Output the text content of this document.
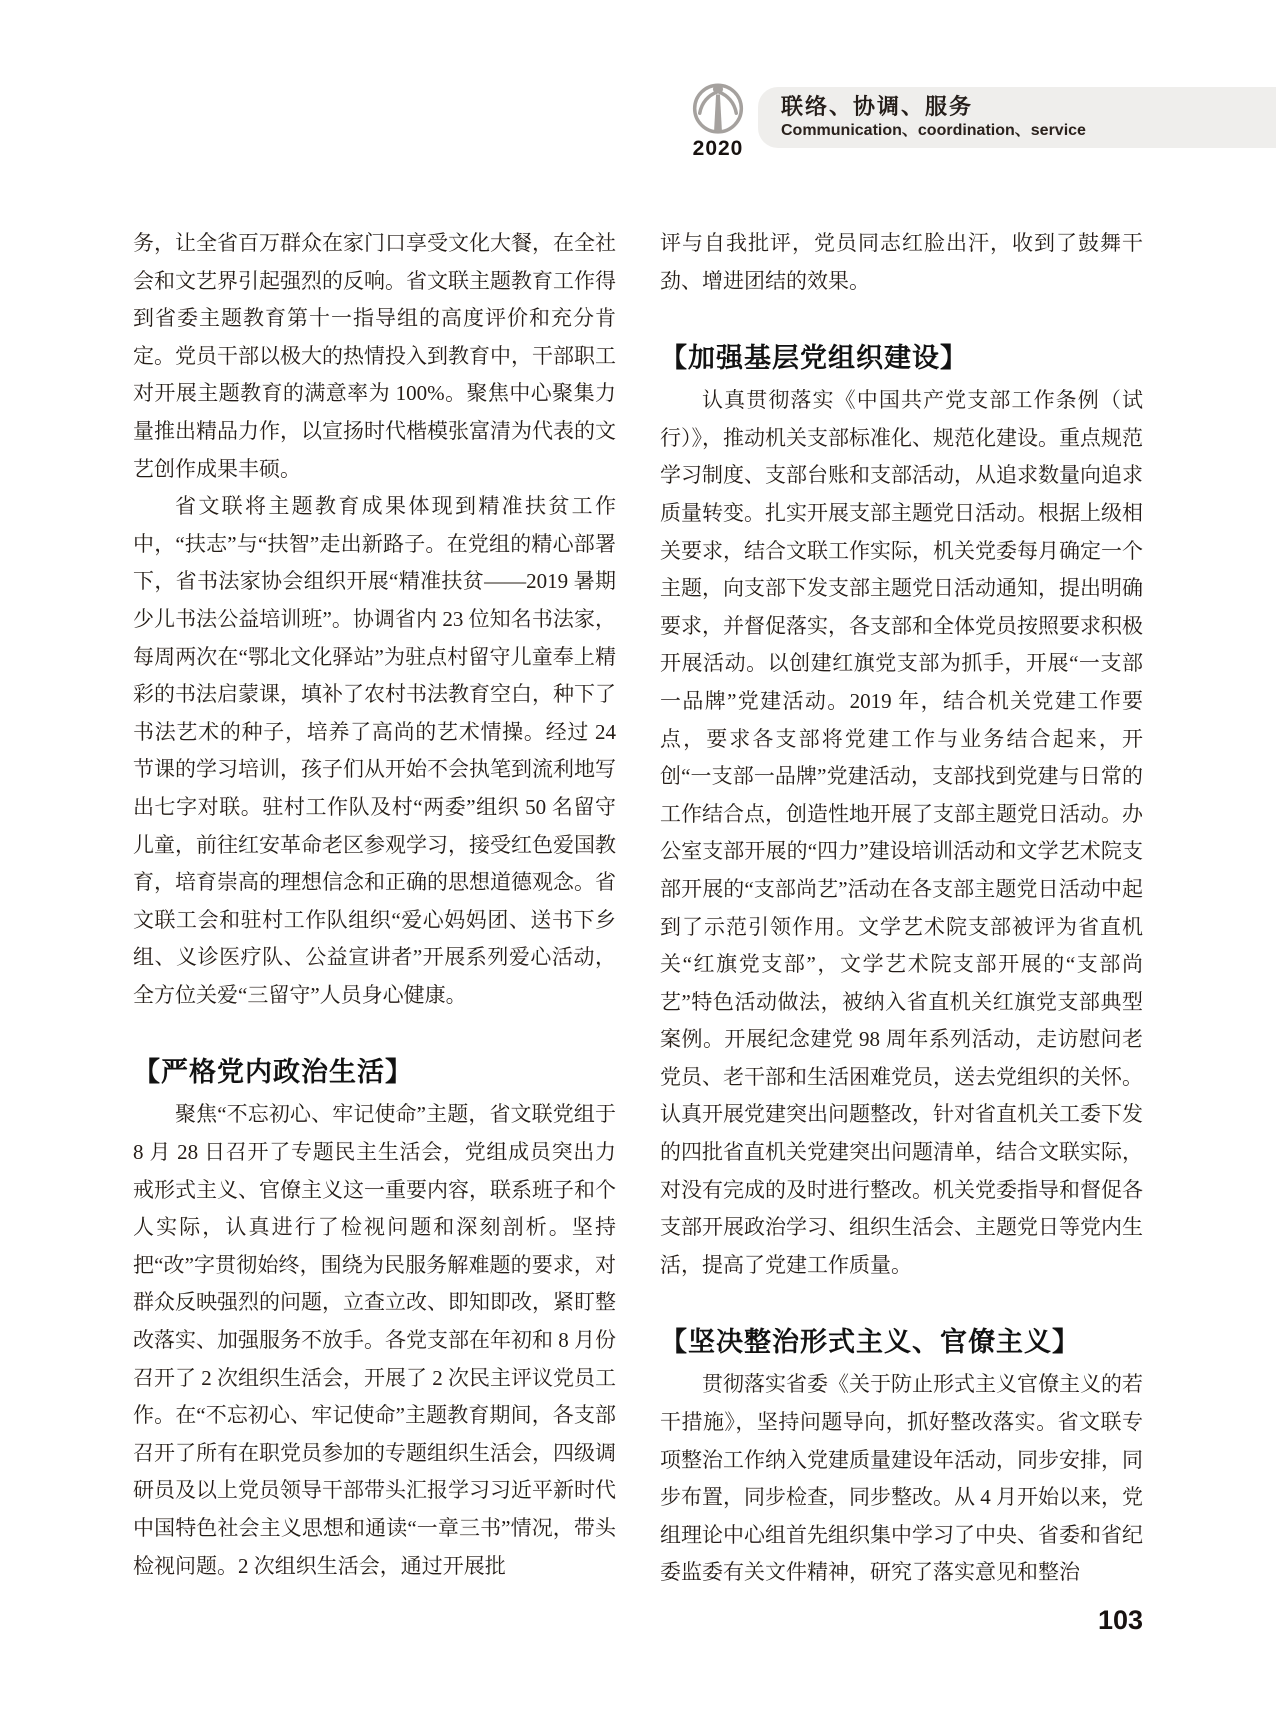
2020
联络、协调、服务
Communication、coordination、service

务，让全省百万群众在家门口享受文化大餐，在全社会和文艺界引起强烈的反响。省文联主题教育工作得到省委主题教育第十一指导组的高度评价和充分肯定。党员干部以极大的热情投入到教育中，干部职工对开展主题教育的满意率为 100%。聚焦中心聚集力量推出精品力作，以宣扬时代楷模张富清为代表的文艺创作成果丰硕。

省文联将主题教育成果体现到精准扶贫工作中，“扶志”与“扶智”走出新路子。在党组的精心部署下，省书法家协会组织开展“精准扶贫——2019 暑期少儿书法公益培训班”。协调省内 23 位知名书法家，每周两次在“鄂北文化驿站”为驻点村留守儿童奉上精彩的书法启蒙课，填补了农村书法教育空白，种下了书法艺术的种子，培养了高尚的艺术情操。经过 24 节课的学习培训，孩子们从开始不会执笔到流利地写出七字对联。驻村工作队及村“两委”组织 50 名留守儿童，前往红安革命老区参观学习，接受红色爱国教育，培育崇高的理想信念和正确的思想道德观念。省文联工会和驻村工作队组织“爱心妈妈团、送书下乡组、义诊医疗队、公益宣讲者”开展系列爱心活动，全方位关爱“三留守”人员身心健康。

【严格党内政治生活】

聚焦“不忘初心、牢记使命”主题，省文联党组于 8 月 28 日召开了专题民主生活会，党组成员突出力戒形式主义、官僚主义这一重要内容，联系班子和个人实际，认真进行了检视问题和深刻剖析。坚持把“改”字贯彻始终，围绕为民服务解难题的要求，对群众反映强烈的问题，立查立改、即知即改，紧盯整改落实、加强服务不放手。各党支部在年初和 8 月份召开了 2 次组织生活会，开展了 2 次民主评议党员工作。在“不忘初心、牢记使命”主题教育期间，各支部召开了所有在职党员参加的专题组织生活会，四级调研员及以上党员领导干部带头汇报学习习近平新时代中国特色社会主义思想和通读“一章三书”情况，带头检视问题。2 次组织生活会，通过开展批

评与自我批评，党员同志红脸出汗，收到了鼓舞干劲、增进团结的效果。

【加强基层党组织建设】

认真贯彻落实《中国共产党支部工作条例（试行）》，推动机关支部标准化、规范化建设。重点规范学习制度、支部台账和支部活动，从追求数量向追求质量转变。扎实开展支部主题党日活动。根据上级相关要求，结合文联工作实际，机关党委每月确定一个主题，向支部下发支部主题党日活动通知，提出明确要求，并督促落实，各支部和全体党员按照要求积极开展活动。以创建红旗党支部为抓手，开展“一支部一品牌”党建活动。2019 年，结合机关党建工作要点，要求各支部将党建工作与业务结合起来，开创“一支部一品牌”党建活动，支部找到党建与日常的工作结合点，创造性地开展了支部主题党日活动。办公室支部开展的“四力”建设培训活动和文学艺术院支部开展的“支部尚艺”活动在各支部主题党日活动中起到了示范引领作用。文学艺术院支部被评为省直机关“红旗党支部”，文学艺术院支部开展的“支部尚艺”特色活动做法，被纳入省直机关红旗党支部典型案例。开展纪念建党 98 周年系列活动，走访慰问老党员、老干部和生活困难党员，送去党组织的关怀。认真开展党建突出问题整改，针对省直机关工委下发的四批省直机关党建突出问题清单，结合文联实际，对没有完成的及时进行整改。机关党委指导和督促各支部开展政治学习、组织生活会、主题党日等党内生活，提高了党建工作质量。

【坚决整治形式主义、官僚主义】

贯彻落实省委《关于防止形式主义官僚主义的若干措施》，坚持问题导向，抓好整改落实。省文联专项整治工作纳入党建质量建设年活动，同步安排，同步布置，同步检查，同步整改。从 4 月开始以来，党组理论中心组首先组织集中学习了中央、省委和省纪委监委有关文件精神，研究了落实意见和整治

103
